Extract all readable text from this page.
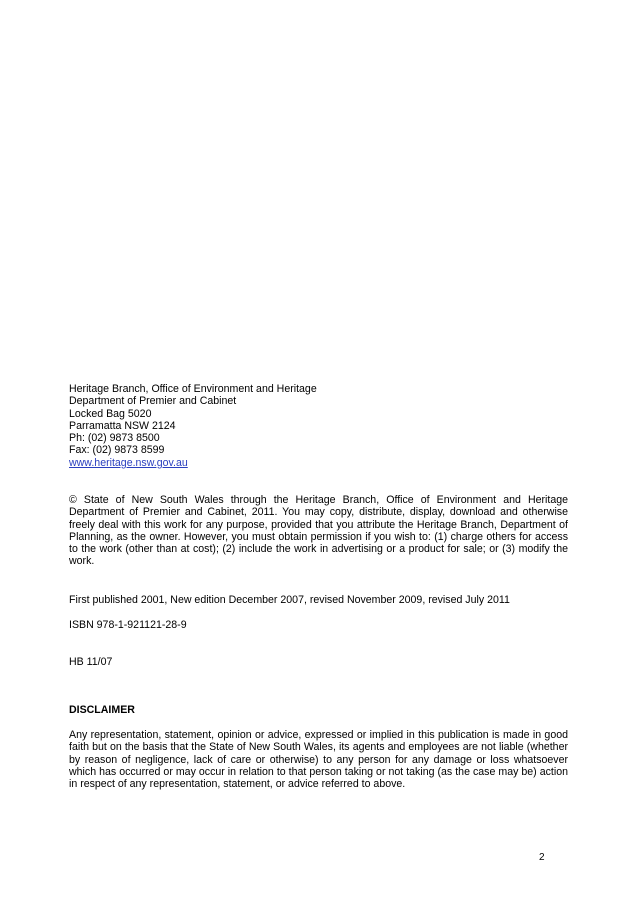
Heritage Branch, Office of Environment and Heritage
Department of Premier and Cabinet
Locked Bag 5020
Parramatta NSW 2124
Ph: (02) 9873 8500
Fax: (02) 9873 8599
www.heritage.nsw.gov.au
© State of New South Wales through the Heritage Branch, Office of Environment and Heritage Department of Premier and Cabinet, 2011. You may copy, distribute, display, download and otherwise freely deal with this work for any purpose, provided that you attribute the Heritage Branch, Department of Planning, as the owner. However, you must obtain permission if you wish to: (1) charge others for access to the work (other than at cost); (2) include the work in advertising or a product for sale; or (3) modify the work.
First published 2001, New edition December 2007, revised November 2009, revised July 2011
ISBN 978-1-921121-28-9
HB 11/07
DISCLAIMER
Any representation, statement, opinion or advice, expressed or implied in this publication is made in good faith but on the basis that the State of New South Wales, its agents and employees are not liable (whether by reason of negligence, lack of care or otherwise) to any person for any damage or loss whatsoever which has occurred or may occur in relation to that person taking or not taking (as the case may be) action in respect of any representation, statement, or advice referred to above.
2
